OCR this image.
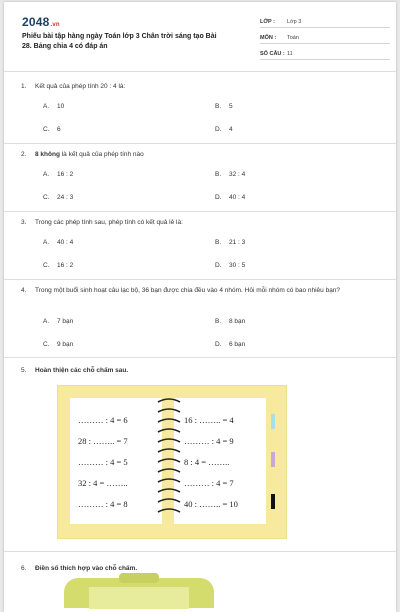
2048.vn
Phiếu bài tập hàng ngày Toán lớp 3 Chân trời sáng tạo Bài 28. Bảng chia 4 có đáp án
LỚP :	Lớp 3
MÔN :	Toán
SỐ CÂU : 11
1.	Kết quả của phép tính 20 : 4 là:
A. 10	B. 5
C. 6	D. 4
2.	8 không là kết quả của phép tính nào
A. 16 : 2	B. 32 : 4
C. 24 : 3	D. 40 : 4
3.	Trong các phép tính sau, phép tính có kết quả lẻ là:
A. 40 : 4	B. 21 : 3
C. 16 : 2	D. 30 : 5
4.	Trong một buổi sinh hoạt câu lạc bộ, 36 bạn được chia đều vào 4 nhóm. Hỏi mỗi nhóm có bao nhiêu bạn?
A. 7 bạn	B. 8 bạn
C. 9 bạn	D. 6 bạn
5.	Hoàn thiện các chỗ chấm sau.
……… : 4 = 6
28 : …….. = 7
……… : 4 = 5
32 : 4 = ……..
……… : 4 = 8
16 : …….. = 4
……… : 4 = 9
8 : 4 = ……..
……… : 4 = 7
40 : …….. = 10
6.	Điền số thích hợp vào chỗ chấm.
